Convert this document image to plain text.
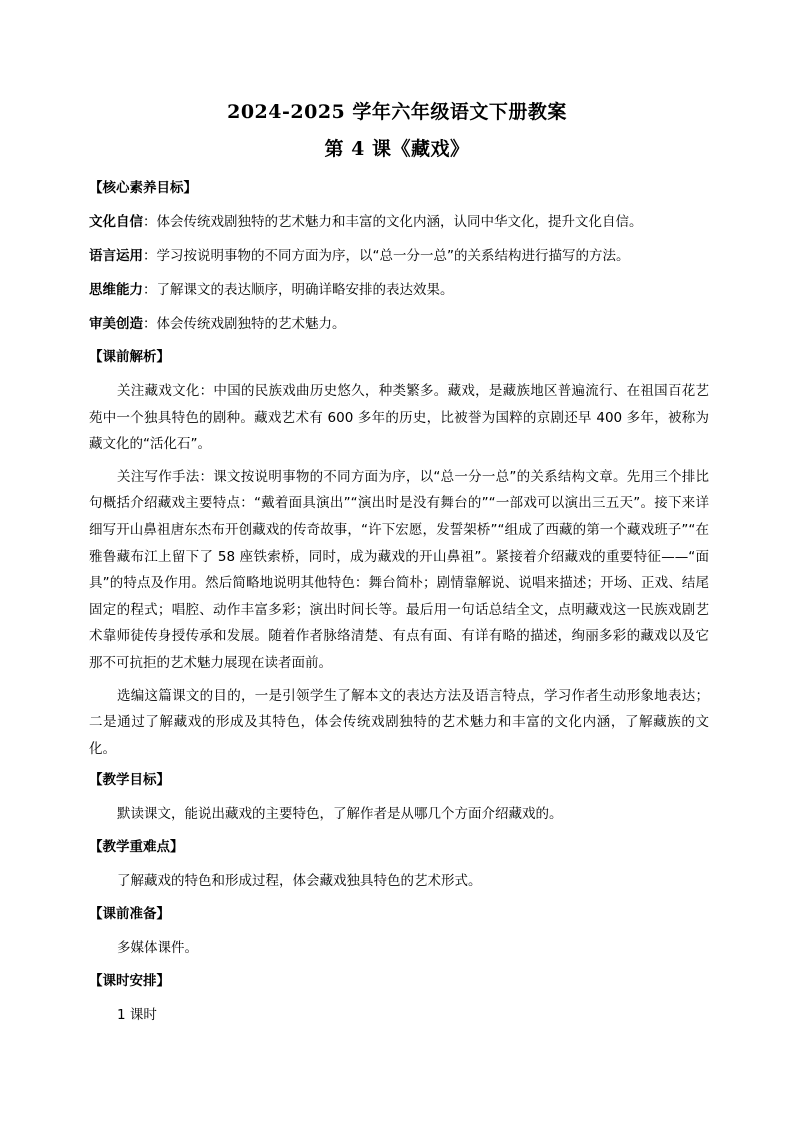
2024-2025 学年六年级语文下册教案
第 4 课《藏戏》
【核心素养目标】
文化自信：体会传统戏剧独特的艺术魅力和丰富的文化内涵，认同中华文化，提升文化自信。
语言运用：学习按说明事物的不同方面为序，以“总一分一总”的关系结构进行描写的方法。
思维能力：了解课文的表达顺序，明确详略安排的表达效果。
审美创造：体会传统戏剧独特的艺术魅力。
【课前解析】

关注藏戏文化：中国的民族戏曲历史悠久，种类繁多。藏戏，是藏族地区普遍流行、在祖国百花艺苑中一个独具特色的剧种。藏戏艺术有 600 多年的历史，比被誉为国粹的京剧还早 400 多年，被称为藏文化的“活化石”。

关注写作手法：课文按说明事物的不同方面为序，以“总一分一总”的关系结构文章。先用三个排比句概括介绍藏戏主要特点：“戴着面具演出”“演出时是没有舞台的”“一部戏可以演出三五天”。接下来详细写开山鼻祖唐东杰布开创藏戏的传奇故事，“许下宏愿，发誓架桥”“组成了西藏的第一个藏戏班子”“在雅鲁藏布江上留下了 58 座铁索桥，同时，成为藏戏的开山鼻祖”。紧接着介绍藏戏的重要特征——“面具”的特点及作用。然后简略地说明其他特色：舞台简朴；剧情靠解说、说唱来描述；开场、正戏、结尾固定的程式；唱腔、动作丰富多彩；演出时间长等。最后用一句话总结全文，点明藏戏这一民族戏剧艺术靠师徒传身授传承和发展。随着作者脉络清楚、有点有面、有详有略的描述，绚丽多彩的藏戏以及它那不可抗拒的艺术魅力展现在读者面前。

选编这篇课文的目的，一是引领学生了解本文的表达方法及语言特点，学习作者生动形象地表达；二是通过了解藏戏的形成及其特色，体会传统戏剧独特的艺术魅力和丰富的文化内涵，了解藏族的文化。

【教学目标】
默读课文，能说出藏戏的主要特色，了解作者是从哪几个方面介绍藏戏的。
【教学重难点】
了解藏戏的特色和形成过程，体会藏戏独具特色的艺术形式。
【课前准备】
多媒体课件。
【课时安排】
1 课时
